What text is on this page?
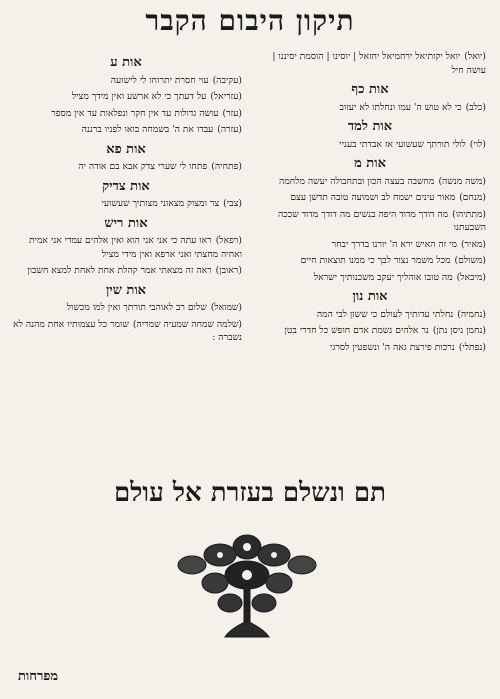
תיקון היבום הקבר
(יואל)יואל יקותיאל ירחמיאל יחזאל | יוסינו | הוסמת יסיננו | עושה חיל
אות כף
(כלב)כי לא טוש ה' עמו ונחלתו לא יעזוב
אות למד
(לוי)לולי תורתך שעשועי אז אבדתי בעניי
אות מ
(משה מנשה)מחשבה בעצה הכון ובתחבולה יעשה מלחמה
(מנחם)מאור עינים ישמח לב ושמועה טובה תדשן עצם
(מתתיהו)מה דודך מדוד היפה בנשים מה דודך מדוד שככה השבעתנו
(מאיר)מי זה האיש ירא ה' יורנו בדרך יבחר
(משולם)מכל משמר נצור לבך כי ממנו תוצאות חיים
(מיכאל)מה טובו אוהליך יעקב משכנותיך ישראל
אות נון
(נחמיה)נחלתי עדותיך לעולם כי ששון לבי המה
(נחמן ניסן נתן)נר אלהים נשמת אדם חופש כל חדרי בטן
(נפתלי)נרכות פירצת גאה ה' ונשפטין לסרגי
אות ע
(עקיבה)עוי חסרת יתרוחו לי לישועה
(עזריאל)על דעתך כי לא ארשע ואין מידך מציל
(עזר)עושה גדולות עד אין חקר ונפלאות עד אין מספר
(עזרה)עבדו את ה' בשמחה בואו לפניו ברננה
אות פא
(פתחיה)פתחו לי שערי צדק אבא בם אודה יה
אות צדיק
(צבי)צר ומצוק מצאוני מצותיך שעשועי
אות ריש
(רפאל)ראו עתה כי אני אני הוא ואין אלהים עמדי אני אמית ואחיה מחצתי ואני ארפא ואין מידי מציל
(ראובן)ראה זה מצאתי אמר קהלת אחת לאחת למצא חשבון
אות שין
(שמואל)שלום רב לאוהבי תורתך ואין למו מכשול
(שלמה שמחה שמעיה שמריה)שומר כל עצמותיו אחת מהנה לא נשברה :
תם ונשלם בעזרת אל עולם
מפרחות
